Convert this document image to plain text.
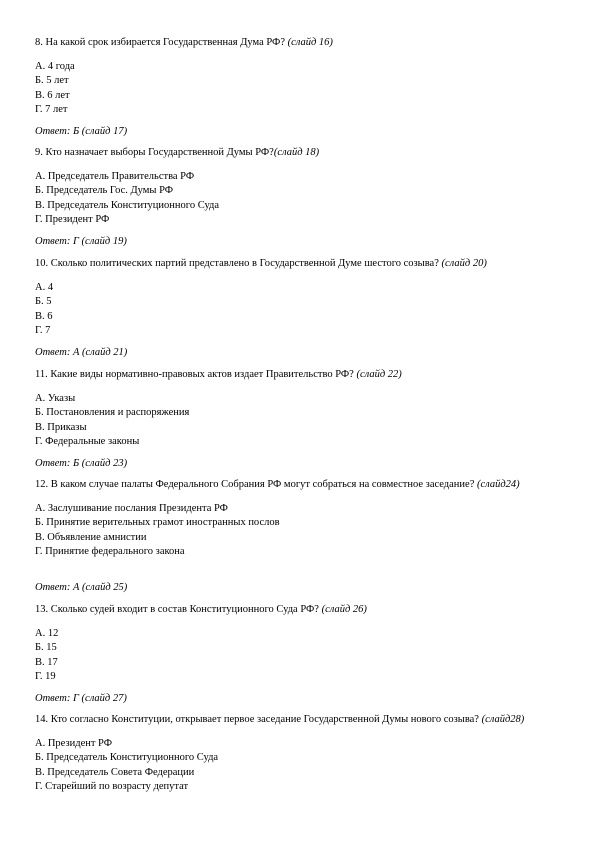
8. На какой срок избирается Государственная Дума РФ? (слайд 16)

А. 4 года

Б. 5 лет

В. 6 лет

Г. 7 лет

Ответ: Б (слайд 17)

9. Кто назначает выборы Государственной Думы РФ?(слайд 18)

А. Председатель Правительства РФ

Б. Председатель Гос. Думы РФ

В. Председатель Конституционного Суда

Г. Президент РФ

Ответ: Г (слайд 19)

10. Сколько политических партий представлено в Государственной Думе шестого созыва? (слайд 20)

А. 4

Б. 5

В. 6

Г. 7

Ответ: А (слайд 21)

11. Какие виды нормативно-правовых актов издает Правительство РФ? (слайд 22)

А. Указы

Б. Постановления и распоряжения

В. Приказы

Г. Федеральные законы

Ответ: Б (слайд 23)

12. В каком случае палаты Федерального Собрания РФ могут собраться на совместное заседание? (слайд24)

А. Заслушивание послания Президента РФ

Б. Принятие верительных грамот иностранных послов

В. Объявление амнистии

Г. Принятие федерального закона

Ответ: А (слайд 25)

13. Сколько судей входит в состав Конституционного Суда РФ? (слайд 26)

А. 12

Б. 15

В. 17

Г. 19

Ответ: Г (слайд 27)

14. Кто согласно Конституции, открывает первое заседание Государственной Думы нового созыва? (слайд28)

А. Президент РФ

Б. Председатель Конституционного Суда

В. Председатель Совета Федерации

Г. Старейший по возрасту депутат
